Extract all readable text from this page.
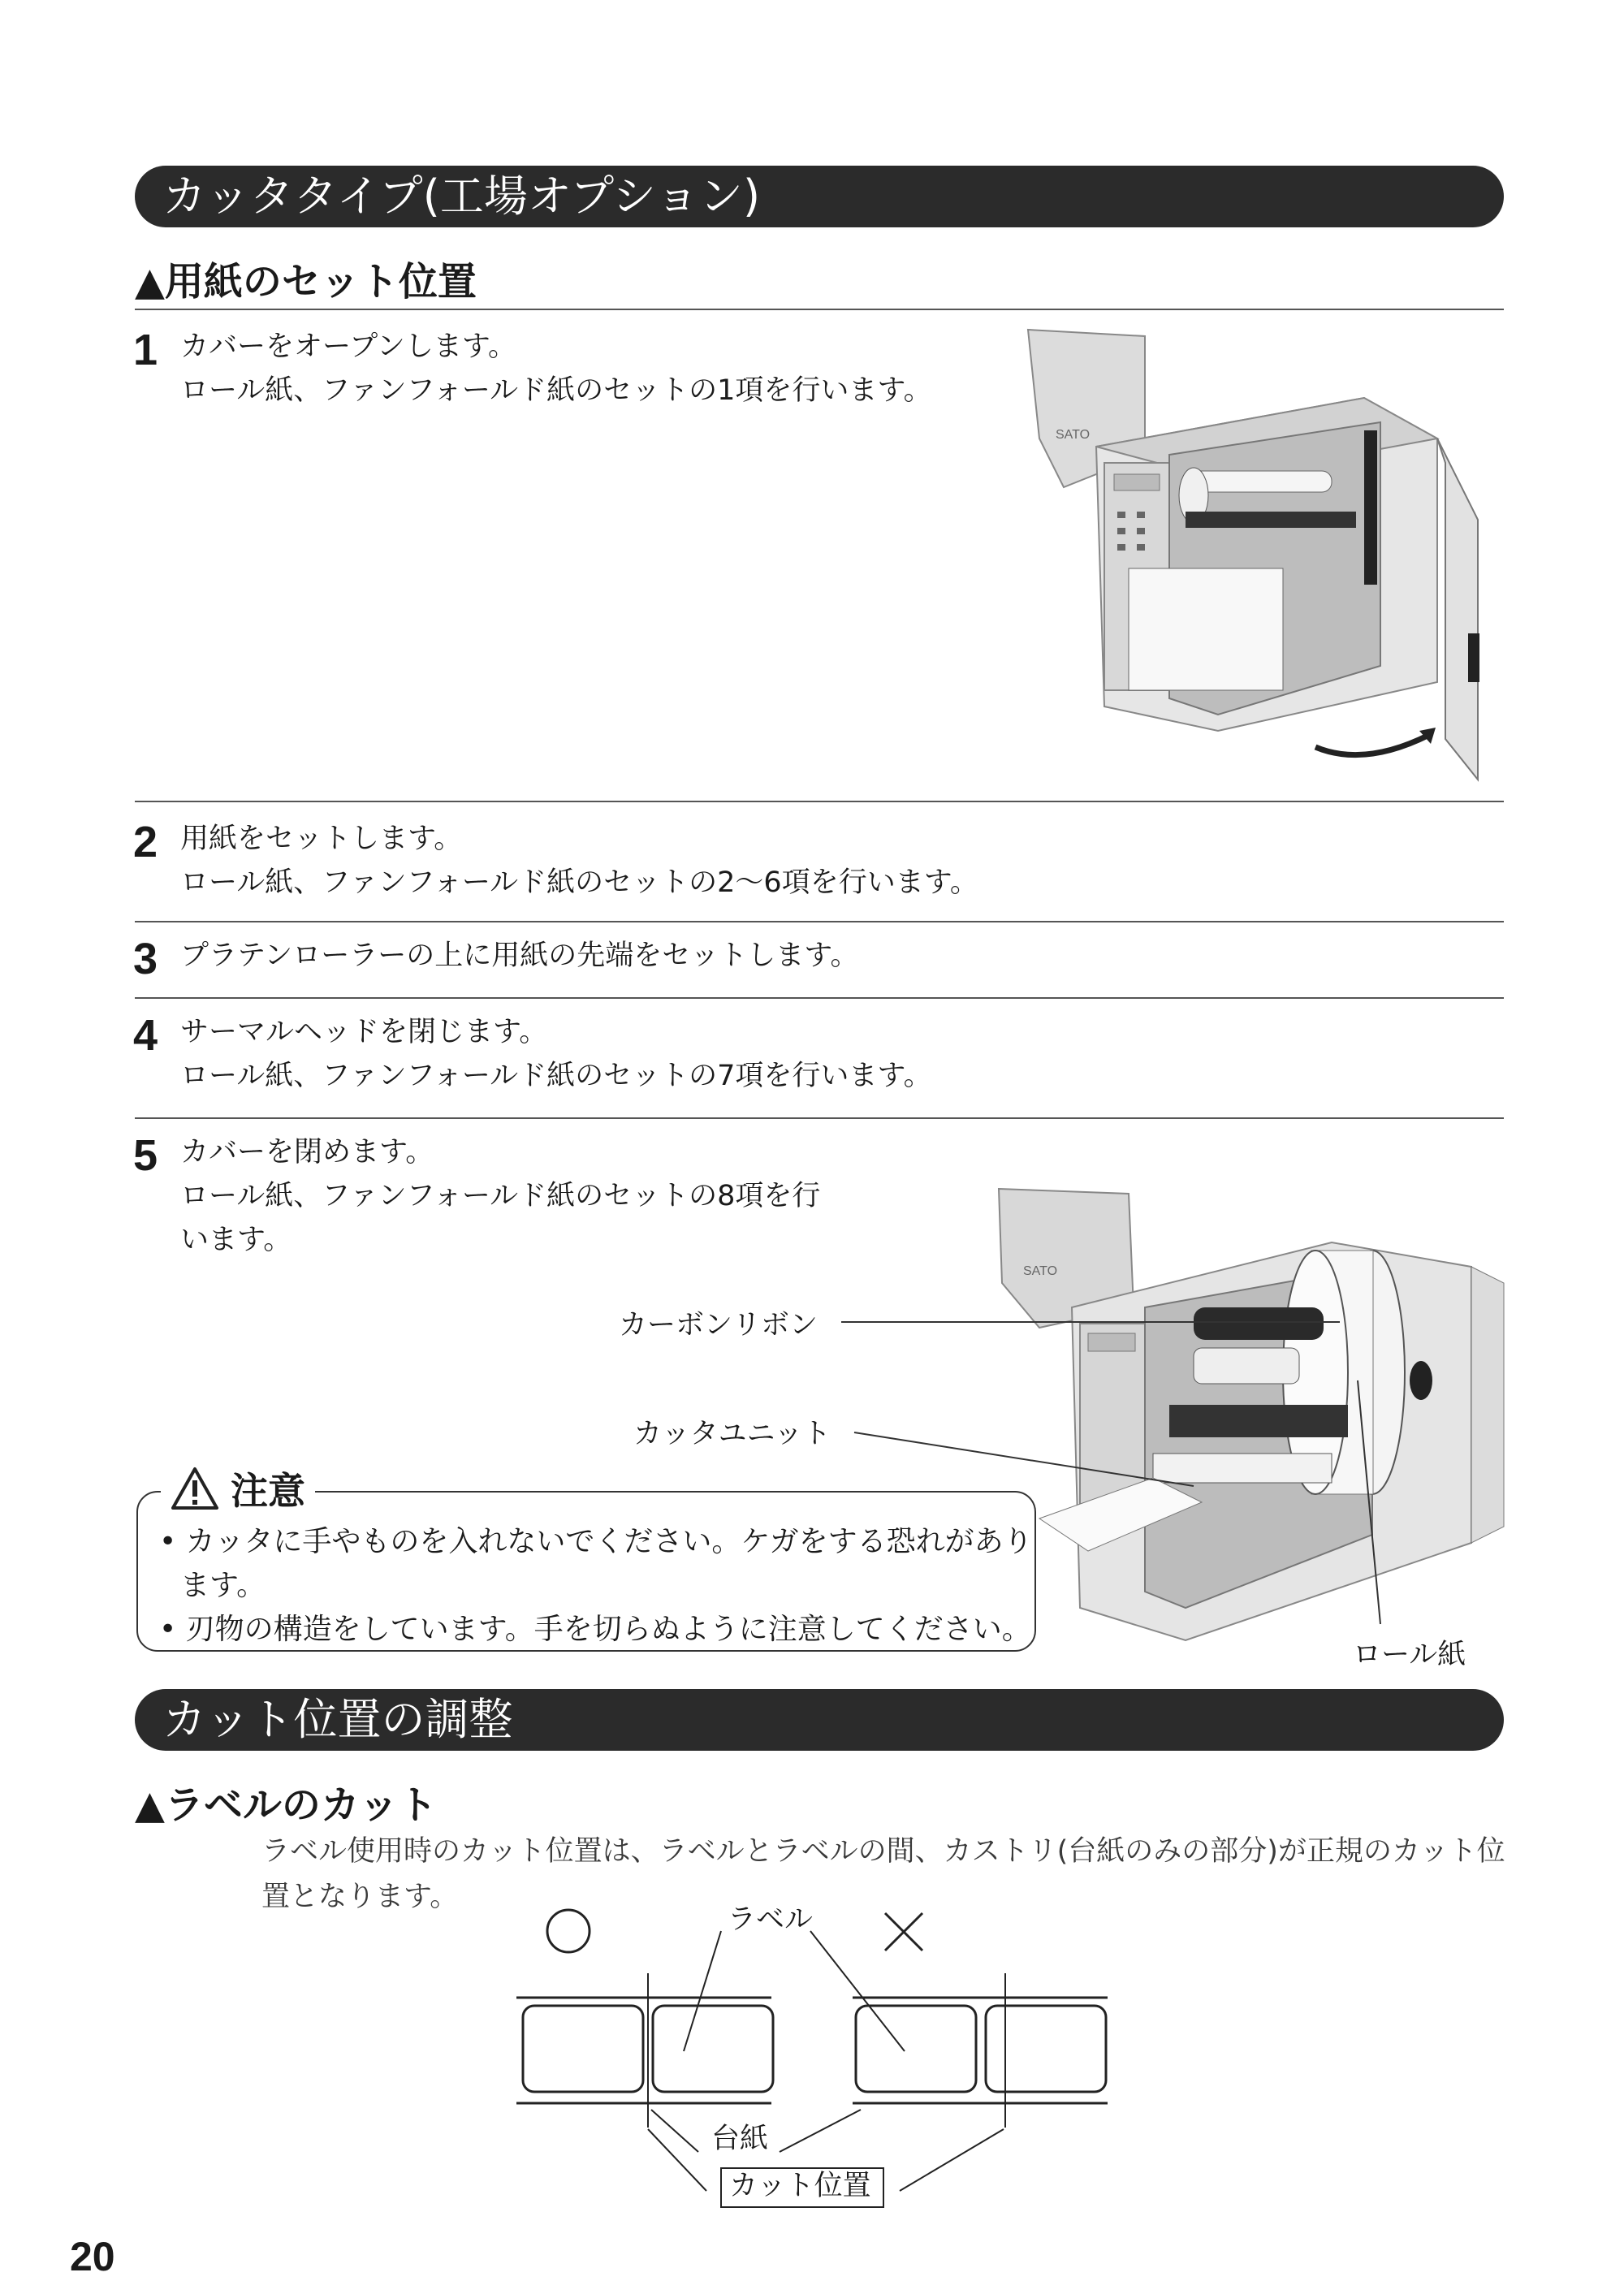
カッタタイプ(工場オプション)
▲用紙のセット位置
1 カバーをオープンします。
ロール紙、ファンフォールド紙のセットの1項を行います。
SATO
2 用紙をセットします。
ロール紙、ファンフォールド紙のセットの2〜6項を行います。
3 プラテンローラーの上に用紙の先端をセットします。
4 サーマルヘッドを閉じます。
ロール紙、ファンフォールド紙のセットの7項を行います。
5 カバーを閉めます。
ロール紙、ファンフォールド紙のセットの8項を行
います。
SATO
カーボンリボン
カッタユニット
ロール紙
注意
• カッタに手やものを入れないでください。ケガをする恐れがあり
ます。
• 刃物の構造をしています。手を切らぬように注意してください。
カット位置の調整
▲ラベルのカット
ラベル使用時のカット位置は、ラベルとラベルの間、カストリ(台紙のみの部分)が正規のカット位
置となります。
ラベル
台紙
カット位置
20
